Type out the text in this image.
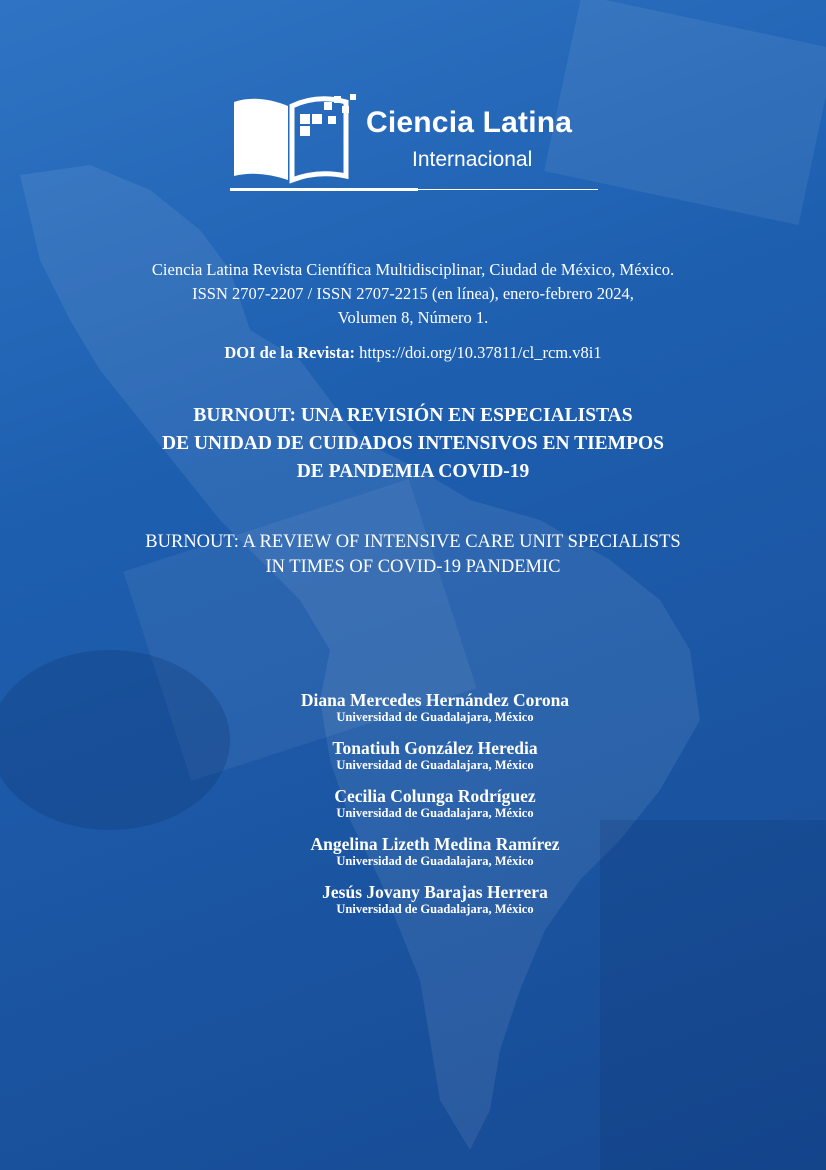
Ciencia Latina
Internacional
Ciencia Latina Revista Científica Multidisciplinar, Ciudad de México, México.
ISSN 2707-2207 / ISSN 2707-2215 (en línea), enero-febrero 2024,
Volumen 8, Número 1.
DOI de la Revista: https://doi.org/10.37811/cl_rcm.v8i1
BURNOUT: UNA REVISIÓN EN ESPECIALISTAS
DE UNIDAD DE CUIDADOS INTENSIVOS EN TIEMPOS
DE PANDEMIA COVID-19
BURNOUT: A REVIEW OF INTENSIVE CARE UNIT SPECIALISTS
IN TIMES OF COVID-19 PANDEMIC
Diana Mercedes Hernández Corona
Universidad de Guadalajara, México
Tonatiuh González Heredia
Universidad de Guadalajara, México
Cecilia Colunga Rodríguez
Universidad de Guadalajara, México
Angelina Lizeth Medina Ramírez
Universidad de Guadalajara, México
Jesús Jovany Barajas Herrera
Universidad de Guadalajara, México
